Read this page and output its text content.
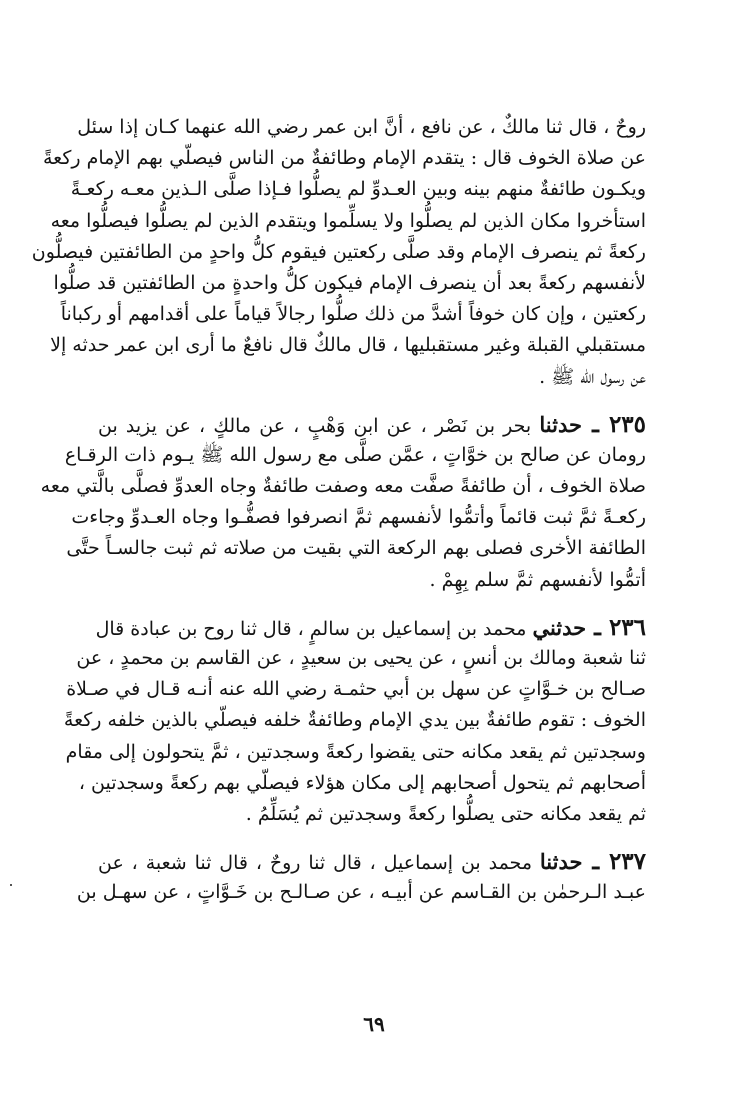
روحٌ ، قال ثنا مالكٌ ، عن نافع ، أنَّ ابن عمر رضي الله عنهما كـان إذا سئل
عن صلاة الخوف قال : يتقدم الإمام وطائفةٌ من الناس فيصلّي بهم الإمام ركعةً
ويكـون طائفةٌ منهم بينه وبين العـدوِّ لم يصلُّوا فـإذا صلَّى الـذين معـه ركعـةً
استأخروا مكان الذين لم يصلُّوا ولا يسلِّموا ويتقدم الذين لم يصلُّوا فيصلُّوا معه
ركعةً ثم ينصرف الإمام وقد صلَّى ركعتين فيقوم كلُّ واحدٍ من الطائفتين فيصلُّون
لأنفسهم ركعةً بعد أن ينصرف الإمام فيكون كلُّ واحدةٍ من الطائفتين قد صلُّوا
ركعتين ، وإن كان خوفاً أشدَّ من ذلك صلُّوا رجالاً قياماً على أقدامهم أو ركباناً
مستقبلي القبلة وغير مستقبليها ، قال مالكٌ قال نافعٌ ما أرى ابن عمر حدثه إلا
عن رسول الله ﷺ .
٢٣٥ ـ حدثنا بحر بن نَصْر ، عن ابن وَهْبٍ ، عن مالكٍ ، عن يزيد بن
رومان عن صالح بن خوَّاتٍ ، عمَّن صلَّى مع رسول الله ﷺ يـوم ذات الرقـاع
صلاة الخوف ، أن طائفةً صفَّت معه وصفت طائفةٌ وجاه العدوِّ فصلَّى بالَّتي معه
ركعـةً ثمَّ ثبت قائماً وأتمُّوا لأنفسهم ثمَّ انصرفوا فصفُّـوا وجاه العـدوِّ وجاءت
الطائفة الأخرى فصلى بهم الركعة التي بقيت من صلاته ثم ثبت جالسـاً حتَّى
أتمُّوا لأنفسهم ثمَّ سلم بِهِمْ .
٢٣٦ ـ حدثني محمد بن إسماعيل بن سالمٍ ، قال ثنا روح بن عبادة قال
ثنا شعبة ومالك بن أنسٍ ، عن يحيى بن سعيدٍ ، عن القاسم بن محمدٍ ، عن
صـالح بن خـوَّاتٍ عن سهل بن أبي حثمـة رضي الله عنه أنـه قـال في صـلاة
الخوف : تقوم طائفةٌ بين يدي الإمام وطائفةٌ خلفه فيصلّي بالذين خلفه ركعةً
وسجدتين ثم يقعد مكانه حتى يقضوا ركعةً وسجدتين ، ثمَّ يتحولون إلى مقام
أصحابهم ثم يتحول أصحابهم إلى مكان هؤلاء فيصلّي بهم ركعةً وسجدتين ،
ثم يقعد مكانه حتى يصلُّوا ركعةً وسجدتين ثم يُسَلِّمُ .
٢٣٧ ـ حدثنا محمد بن إسماعيل ، قال ثنا روحٌ ، قال ثنا شعبة ، عن
عبـد الـرحمٰن بن القـاسم عن أبيـه ، عن صـالـح بن خَـوَّاتٍ ، عن سهـل بن
٦٩
